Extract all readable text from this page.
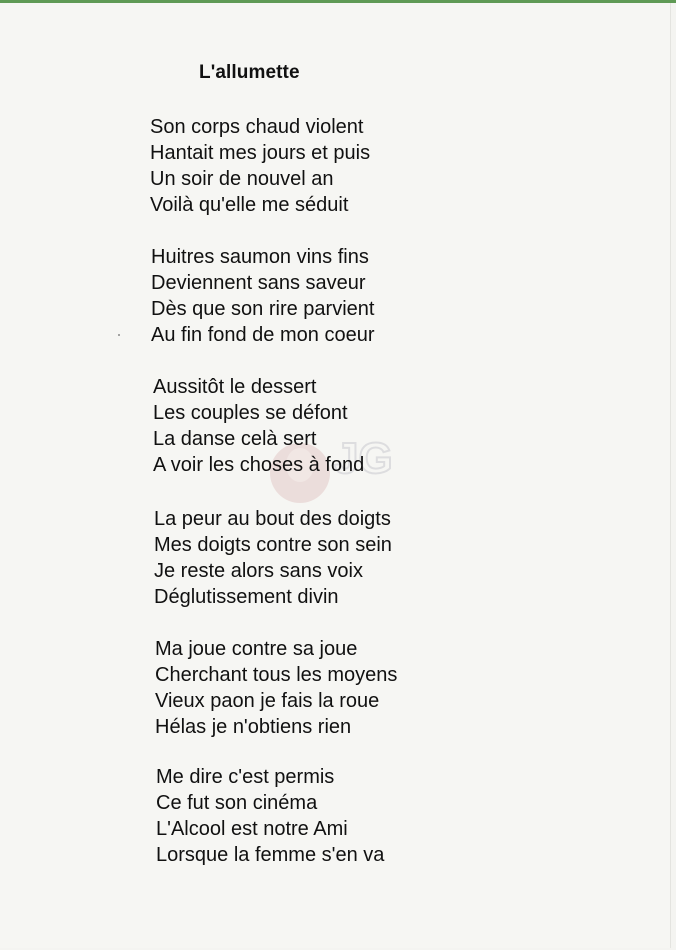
JG
L'allumette
Son corps chaud violent
Hantait mes jours et puis
Un soir de nouvel an
Voilà qu'elle me séduit
Huitres saumon vins fins
Deviennent sans saveur
Dès que son rire parvient
Au fin fond de mon coeur
Aussitôt le dessert
Les couples se défont
La danse celà sert
A voir les choses à fond
La peur au bout des doigts
Mes doigts contre son sein
Je reste alors sans voix
Déglutissement divin
Ma joue contre sa joue
Cherchant tous les moyens
Vieux paon je fais la roue
Hélas je n'obtiens rien
Me dire c'est permis
Ce fut son cinéma
L'Alcool est notre Ami
Lorsque la femme s'en va
